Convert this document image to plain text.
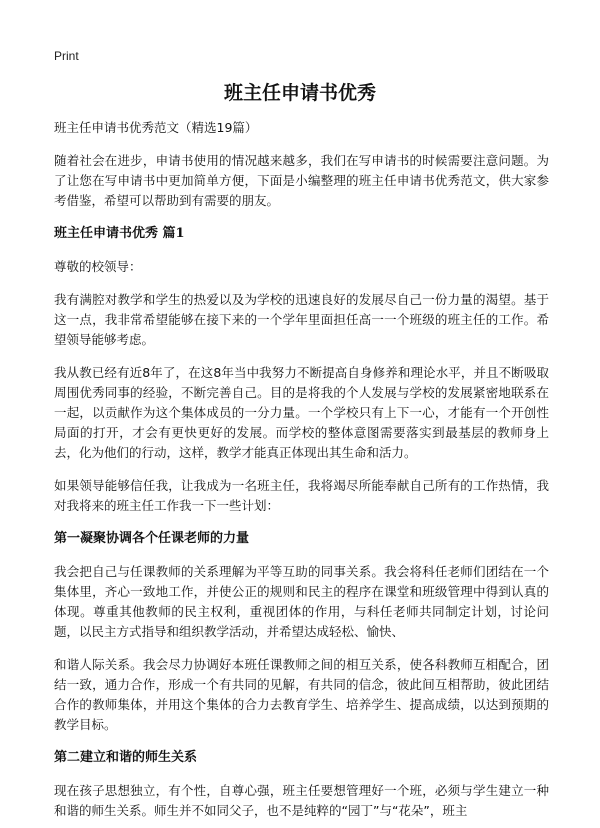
Print
班主任申请书优秀

班主任申请书优秀范文（精选19篇）

随着社会在进步，申请书使用的情况越来越多，我们在写申请书的时候需要注意问题。为了让您在写申请书中更加简单方便，下面是小编整理的班主任申请书优秀范文，供大家参考借鉴，希望可以帮助到有需要的朋友。

班主任申请书优秀 篇1

尊敬的校领导：

我有满腔对教学和学生的热爱以及为学校的迅速良好的发展尽自己一份力量的渴望。基于这一点，我非常希望能够在接下来的一个学年里面担任高一一个班级的班主任的工作。希望领导能够考虑。

我从教已经有近8年了，在这8年当中我努力不断提高自身修养和理论水平，并且不断吸取周围优秀同事的经验，不断完善自己。目的是将我的个人发展与学校的发展紧密地联系在一起，以贡献作为这个集体成员的一分力量。一个学校只有上下一心，才能有一个开创性局面的打开，才会有更快更好的发展。而学校的整体意图需要落实到最基层的教师身上去，化为他们的行动，这样，教学才能真正体现出其生命和活力。

如果领导能够信任我，让我成为一名班主任，我将竭尽所能奉献自己所有的工作热情，我对我将来的班主任工作我一下一些计划：

第一凝聚协调各个任课老师的力量

我会把自己与任课教师的关系理解为平等互助的同事关系。我会将科任老师们团结在一个集体里，齐心一致地工作，并使公正的规则和民主的程序在课堂和班级管理中得到认真的体现。尊重其他教师的民主权利，重视团体的作用，与科任老师共同制定计划，讨论问题，以民主方式指导和组织教学活动，并希望达成轻松、愉快、

和谐人际关系。我会尽力协调好本班任课教师之间的相互关系，使各科教师互相配合，团结一致，通力合作，形成一个有共同的见解，有共同的信念，彼此间互相帮助，彼此团结合作的教师集体，并用这个集体的合力去教育学生、培养学生、提高成绩，以达到预期的教学目标。

第二建立和谐的师生关系

现在孩子思想独立，有个性，自尊心强，班主任要想管理好一个班，必须与学生建立一种和谐的师生关系。师生并不如同父子，也不是纯粹的“园丁”与“花朵”，班主
